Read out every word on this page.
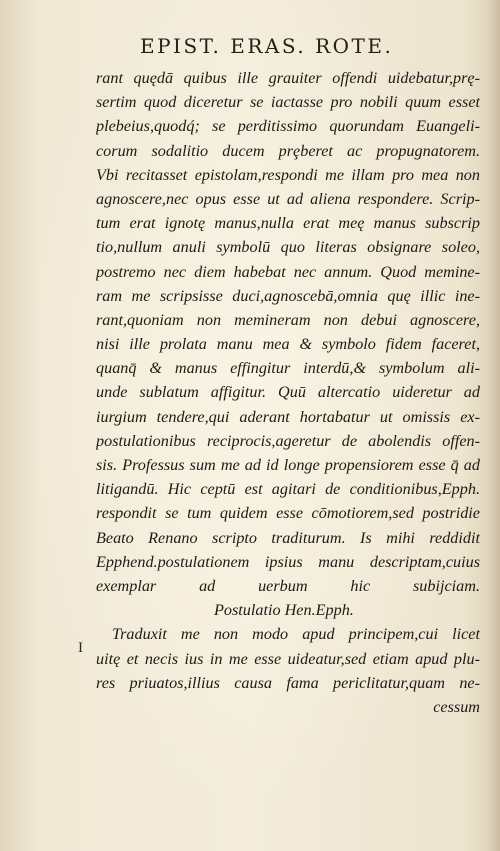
EPIST. ERAS. ROTE.
I
rant quędā quibus ille grauiter offendi uidebatur,prę-
sertim quod diceretur se iactasse pro nobili quum esset
plebeius,quodq́; se perditissimo quorundam Euangeli-
corum sodalitio ducem prȩberet ac propugnatorem.
Vbi recitasset epistolam,respondi me illam pro mea non
agnoscere,nec opus esse ut ad aliena respondere. Scrip-
tum erat ignotę manus,nulla erat meę manus subscrip
tio,nullum anuli symbolū quo literas obsignare soleo,
postremo nec diem habebat nec annum. Quod memine-
ram me scripsisse duci,agnoscebā,omnia quę illic ine-
rant,quoniam non memineram non debui agnoscere,
nisi ille prolata manu mea & symbolo fidem faceret,
quanq̄ & manus effingitur interdū,& symbolum ali-
unde sublatum affigitur. Quū altercatio uideretur ad
iurgium tendere,qui aderant hortabatur ut omissis ex-
postulationibus reciprocis,ageretur de abolendis offen-
sis. Professus sum me ad id longe propensiorem esse q̄ ad
litigandū. Hic ceptū est agitari de conditionibus,Epph.
respondit se tum quidem esse cōmotiorem,sed postridie
Beato Renano scripto traditurum. Is mihi reddidit
Epphend.postulationem ipsius manu descriptam,cuius
exemplar ad uerbum hic subijciam.
Postulatio Hen.Epph.
Traduxit me non modo apud principem,cui licet
uitę et necis ius in me esse uideatur,sed etiam apud plu-
res priuatos,illius causa fama periclitatur,quam ne-
cessum
